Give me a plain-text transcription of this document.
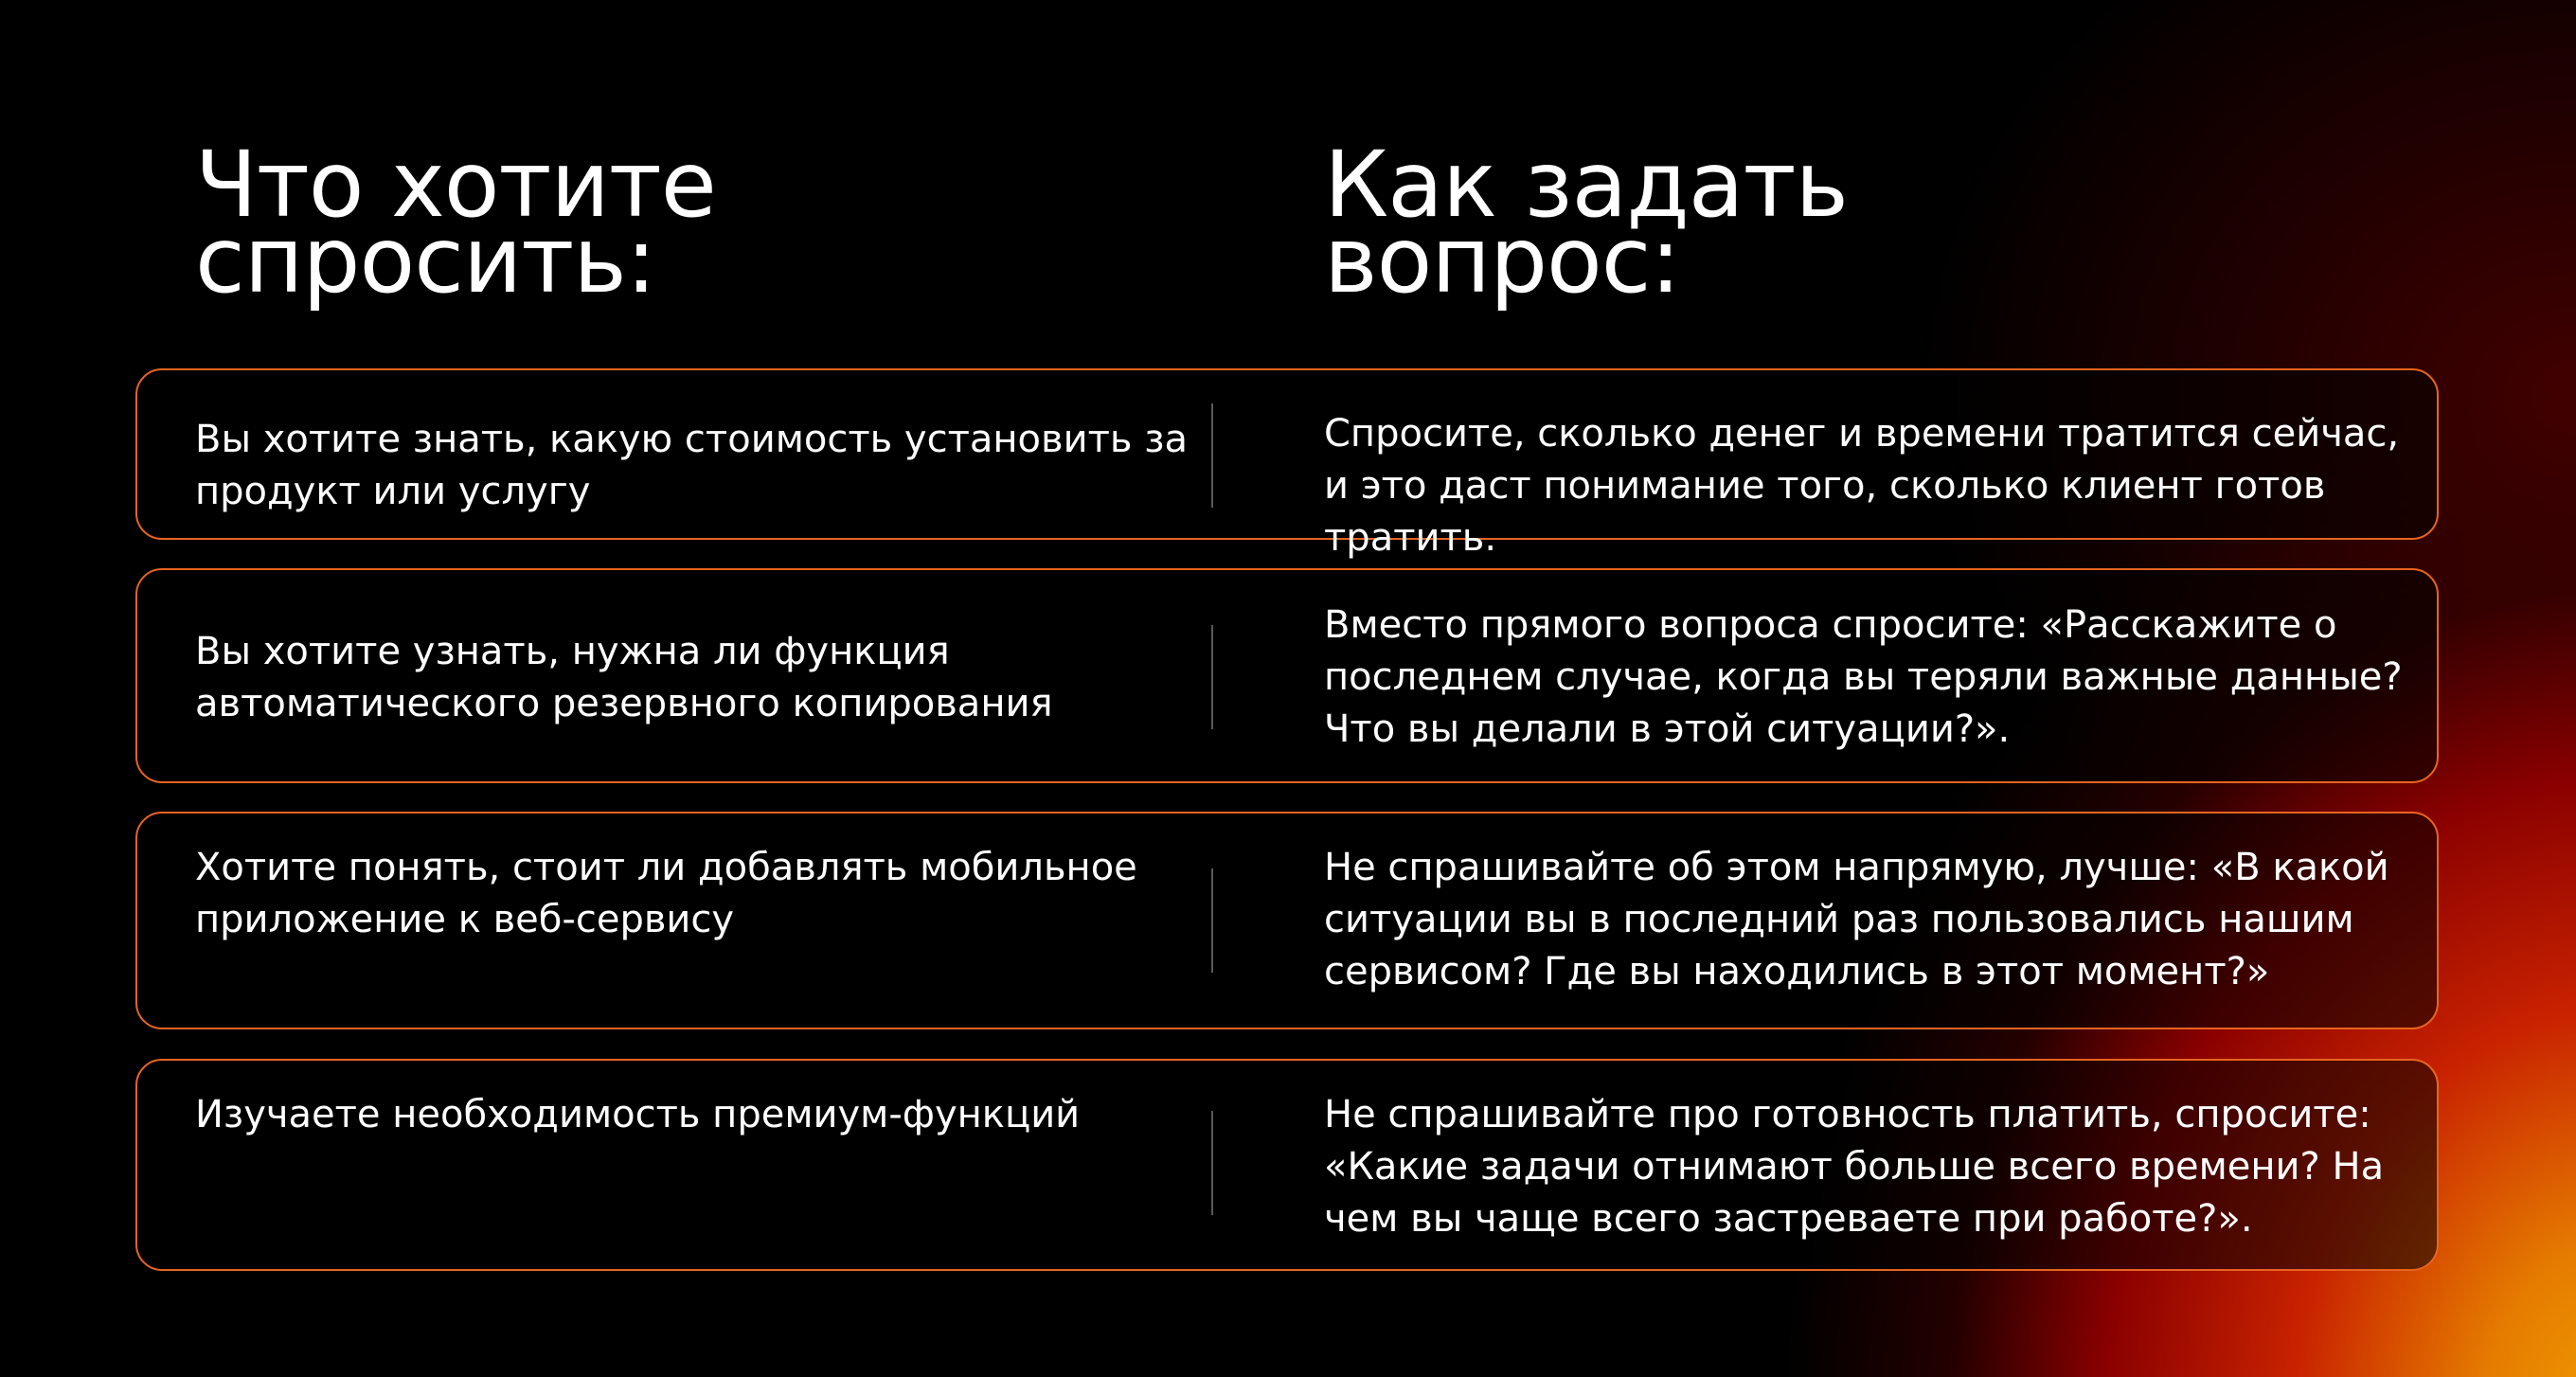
Что хотите
спросить:
Как задать
вопрос:
Вы хотите знать, какую стоимость установить за продукт или услугу
Спросите, сколько денег и времени тратится сейчас, и это даст понимание того, сколько клиент готов тратить.
Вы хотите узнать, нужна ли функция автоматического резервного копирования
Вместо прямого вопроса спросите: «Расскажите о последнем случае, когда вы теряли важные данные? Что вы делали в этой ситуации?».
Хотите понять, стоит ли добавлять мобильное приложение к веб-сервису
Не спрашивайте об этом напрямую, лучше: «В какой ситуации вы в последний раз пользовались нашим сервисом? Где вы находились в этот момент?»
Изучаете необходимость премиум-функций	Не спрашивайте про готовность платить, спросите: «Какие задачи отнимают больше всего времени? На чем вы чаще всего застреваете при работе?».
